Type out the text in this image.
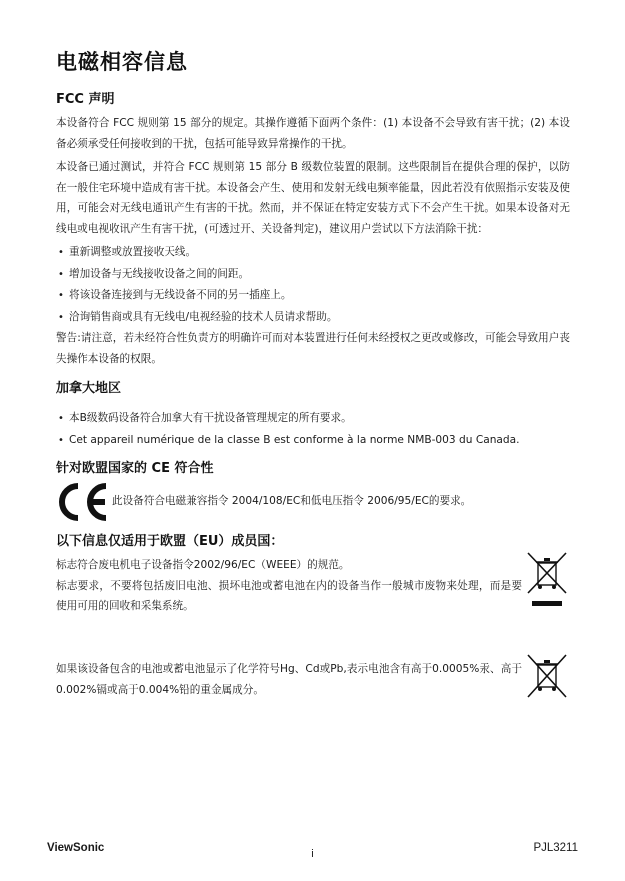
电磁相容信息
FCC 声明

本设备符合 FCC 规则第 15 部分的规定。其操作遵循下面两个条件：(1) 本设备不会导致有害干扰；(2) 本设备必须承受任何接收到的干扰，包括可能导致异常操作的干扰。

本设备已通过测试，并符合 FCC 规则第 15 部分 B 级数位装置的限制。这些限制旨在提供合理的保护，以防在一般住宅环境中造成有害干扰。本设备会产生、使用和发射无线电频率能量，因此若没有依照指示安装及使用，可能会对无线电通讯产生有害的干扰。然而，并不保证在特定安装方式下不会产生干扰。如果本设备对无线电或电视收讯产生有害干扰，(可透过开、关设备判定)，建议用户尝试以下方法消除干扰：

• 重新调整或放置接收天线。
• 增加设备与无线接收设备之间的间距。
• 将该设备连接到与无线设备不同的另一插座上。
• 洽询销售商或具有无线电/电视经验的技术人员请求帮助。

警告:请注意，若未经符合性负责方的明确许可而对本装置进行任何未经授权之更改或修改，可能会导致用户丧失操作本设备的权限。

加拿大地区
• 本B级数码设备符合加拿大有干扰设备管理规定的所有要求。
• Cet appareil numérique de la classe B est conforme à la norme NMB-003 du Canada.
针对欧盟国家的 CE 符合性
此设备符合电磁兼容指令 2004/108/EC和低电压指令 2006/95/EC的要求。
以下信息仅适用于欧盟（EU）成员国：

标志符合废电机电子设备指令2002/96/EC（WEEE）的规范。

标志要求，不要将包括废旧电池、损坏电池或蓄电池在内的设备当作一般城市废物来处理，而是要使用可用的回收和采集系统。

如果该设备包含的电池或蓄电池显示了化学符号Hg、Cd或Pb,表示电池含有高于0.0005%汞、高于0.002%镉或高于0.004%铅的重金属成分。

ViewSonic	i	PJL3211
